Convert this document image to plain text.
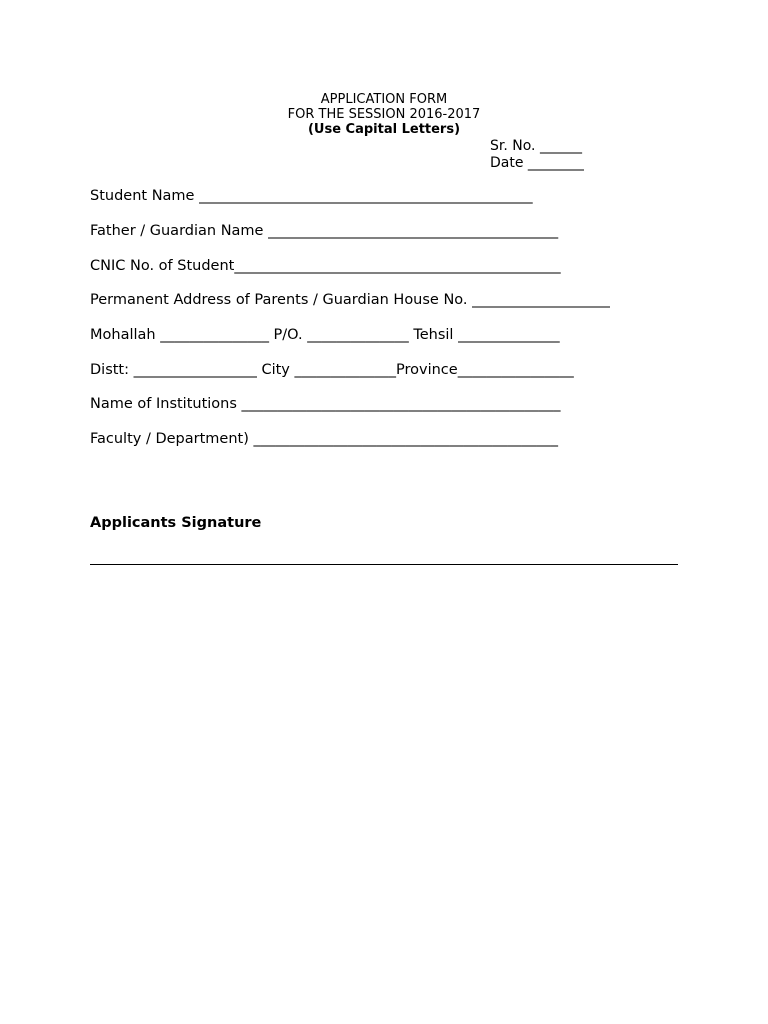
APPLICATION FORM
FOR THE SESSION 2016-2017
(Use Capital Letters)
Sr. No. ______
Date ________
Student Name ______________________________________________
Father / Guardian Name ________________________________________
CNIC No. of Student_____________________________________________
Permanent Address of Parents / Guardian House No. ___________________
Mohallah _______________ P/O. ______________ Tehsil ______________
Distt: _________________ City ______________Province________________
Name of Institutions ____________________________________________
Faculty / Department) __________________________________________
Applicants Signature
